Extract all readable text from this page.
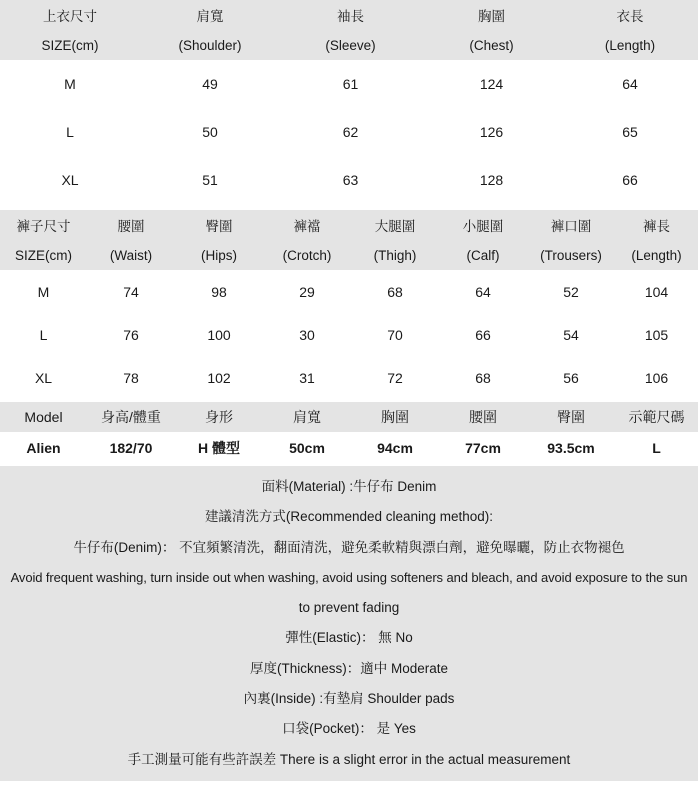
上衣尺寸	肩寬	袖長	胸圍	衣長
SIZE(cm)	(Shoulder)	(Sleeve)	(Chest)	(Length)
M	49	61	124	64
L	50	62	126	65
XL	51	63	128	66
褲子尺寸	腰圍	臀圍	褲襠	大腿圍	小腿圍	褲口圍	褲長
SIZE(cm)	(Waist)	(Hips)	(Crotch)	(Thigh)	(Calf)	(Trousers)	(Length)
M	74	98	29	68	64	52	104
L	76	100	30	70	66	54	105
XL	78	102	31	72	68	56	106
Model	身高/體重	身形	肩寬	胸圍	腰圍	臀圍	示範尺碼
Alien	182/70	H 體型	50cm	94cm	77cm	93.5cm	L
面料(Material) :牛仔布 Denim
建議清洗方式(Recommended cleaning method):
牛仔布(Denim)： 不宜頻繁清洗，翻面清洗，避免柔軟精與漂白劑，避免曝曬，防止衣物褪色
Avoid frequent washing, turn inside out when washing, avoid using softeners and bleach, and avoid exposure to the sun
to prevent fading
彈性(Elastic)： 無 No
厚度(Thickness)：適中 Moderate
內裏(Inside) :有墊肩 Shoulder pads
口袋(Pocket)： 是 Yes
手工測量可能有些許誤差 There is a slight error in the actual measurement
